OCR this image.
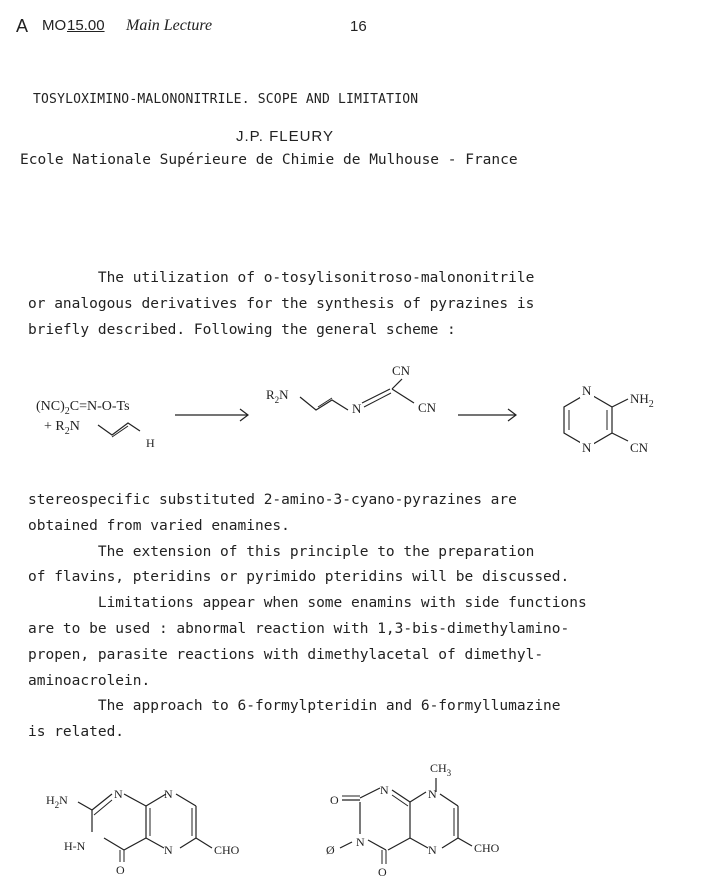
A MO 15.00 Main Lecture	16
TOSYLOXIMINO-MALONONITRILE. SCOPE AND LIMITATION
J.P. FLEURY
Ecole Nationale Supérieure de Chimie de Mulhouse - France
The utilization of o-tosylisonitroso-malononitrile
or analogous derivatives for the synthesis of pyrazines is
briefly described. Following the general scheme :
$(NC)_2C=N-O-Ts$
+ $R_2N$
H
$R_2N$
N
CN
CN
N
N
$NH_2$
CN
stereospecific substituted 2-amino-3-cyano-pyrazines are
obtained from varied enamines.
The extension of this principle to the preparation
of flavins, pteridins or pyrimido pteridins will be discussed.
Limitations appear when some enamins with side functions
are to be used : abnormal reaction with 1,3-bis-dimethylamino-
propen, parasite reactions with dimethylacetal of dimethyl-
aminoacrolein.
The approach to 6-formylpteridin and 6-formyllumazine
is related.
$H_2N$	N	N
N	CHO
O
H-N
$CH_3$
O
N	N
CHO
N
O
N
Ø
